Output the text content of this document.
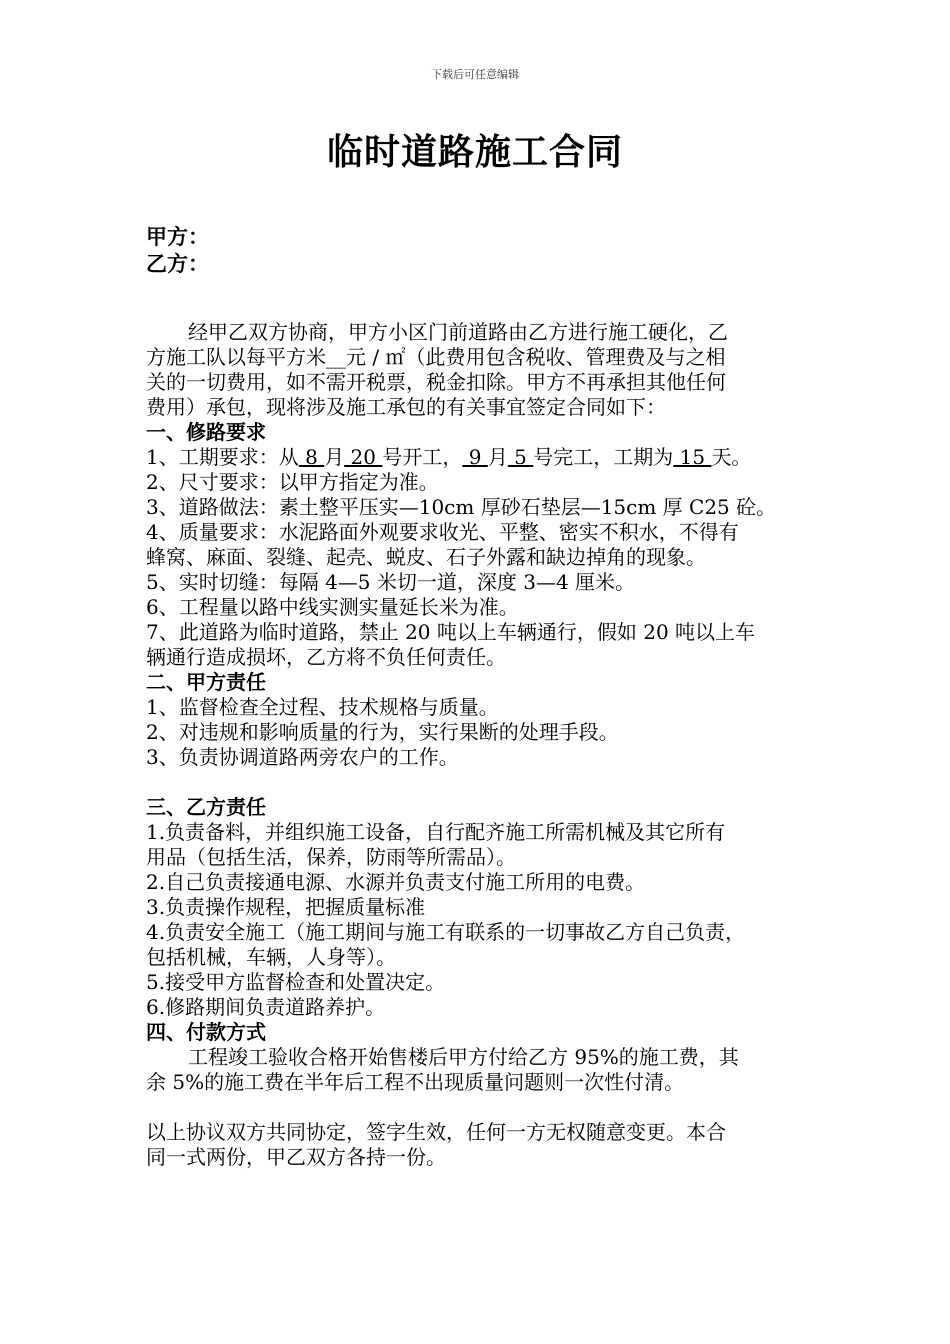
下载后可任意编辑
临时道路施工合同
甲方：
乙方：
经甲乙双方协商，甲方小区门前道路由乙方进行施工硬化，乙
方施工队以每平方米__元 / ㎡（此费用包含税收、管理费及与之相
关的一切费用，如不需开税票，税金扣除。甲方不再承担其他任何
费用）承包，现将涉及施工承包的有关事宜签定合同如下：
一、修路要求
1、工期要求：从 8 月 20 号开工， 9 月 5 号完工，工期为 15 天。
2、尺寸要求：以甲方指定为准。
3、道路做法：素土整平压实—10cm 厚砂石垫层—15cm 厚 C25 砼。
4、质量要求：水泥路面外观要求收光、平整、密实不积水，不得有
蜂窝、麻面、裂缝、起壳、蜕皮、石子外露和缺边掉角的现象。
5、实时切缝：每隔 4—5 米切一道，深度 3—4 厘米。
6、工程量以路中线实测实量延长米为准。
7、此道路为临时道路，禁止 20 吨以上车辆通行，假如 20 吨以上车
辆通行造成损坏，乙方将不负任何责任。
二、甲方责任
1、监督检查全过程、技术规格与质量。
2、对违规和影响质量的行为，实行果断的处理手段。
3、负责协调道路两旁农户的工作。
三、乙方责任
1.负责备料，并组织施工设备，自行配齐施工所需机械及其它所有
用品（包括生活，保养，防雨等所需品）。
2.自己负责接通电源、水源并负责支付施工所用的电费。
3.负责操作规程，把握质量标准
4.负责安全施工（施工期间与施工有联系的一切事故乙方自己负责，
包括机械，车辆，人身等）。
5.接受甲方监督检查和处置决定。
6.修路期间负责道路养护。
四、付款方式
工程竣工验收合格开始售楼后甲方付给乙方 95%的施工费，其
余 5%的施工费在半年后工程不出现质量问题则一次性付清。
以上协议双方共同协定，签字生效，任何一方无权随意变更。本合
同一式两份，甲乙双方各持一份。
